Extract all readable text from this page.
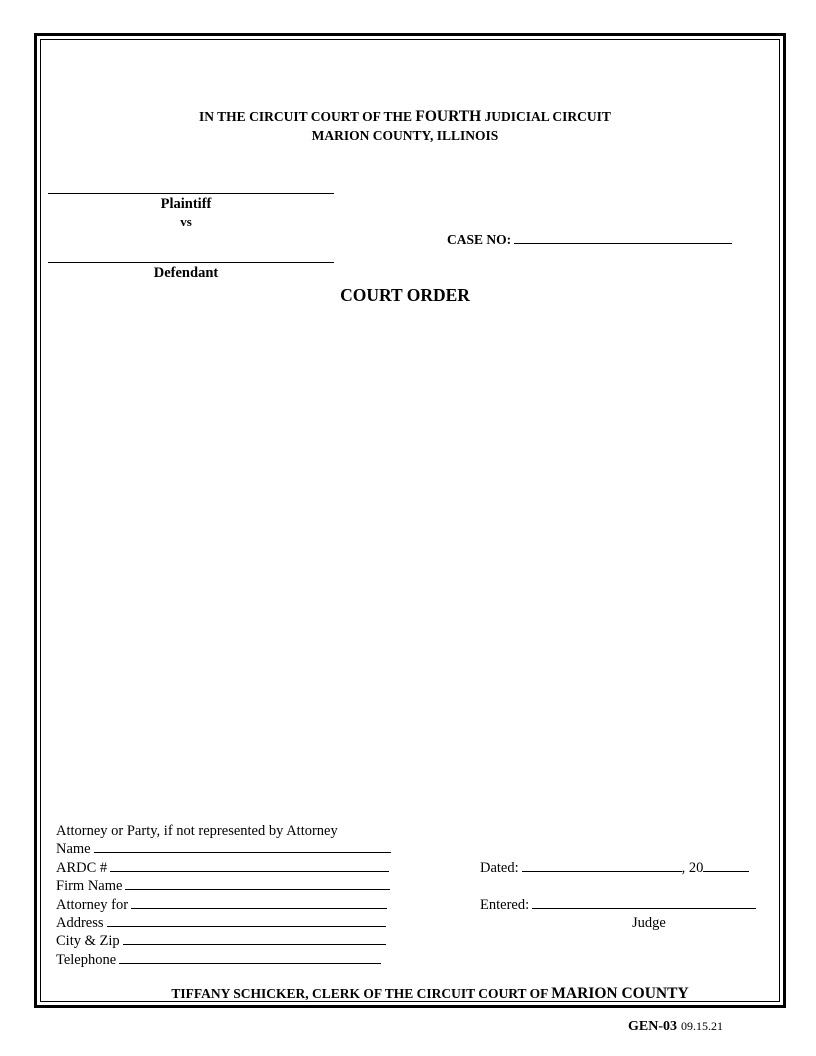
IN THE CIRCUIT COURT OF THE FOURTH JUDICIAL CIRCUIT
MARION COUNTY, ILLINOIS
Plaintiff
vs
CASE NO:
Defendant
COURT ORDER
Attorney or Party, if not represented by Attorney
Name
ARDC #
Firm Name
Attorney for
Address
City & Zip
Telephone
Dated:	, 20
Entered:
Judge
TIFFANY SCHICKER, CLERK OF THE CIRCUIT COURT OF MARION COUNTY
GEN-03 09.15.21
